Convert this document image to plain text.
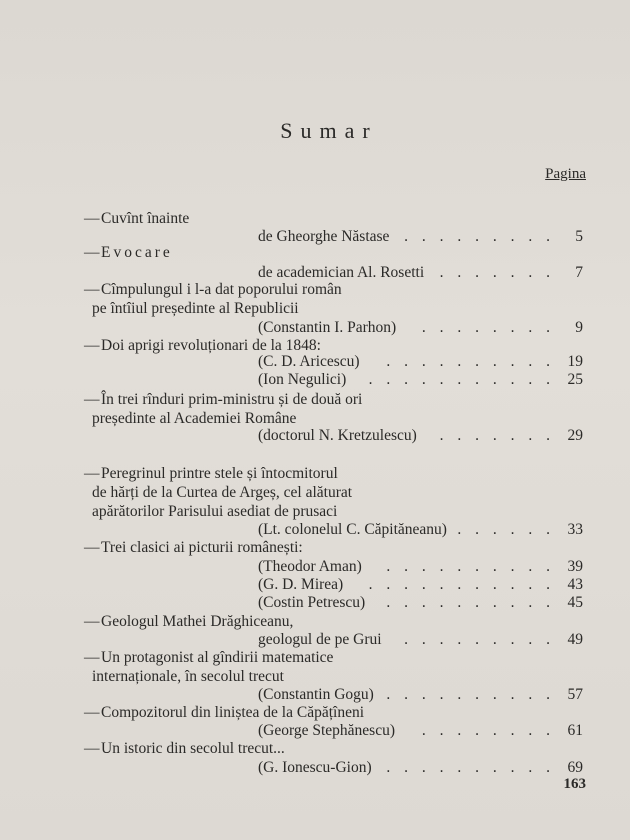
Sumar
Pagina
— Cuvînt înainte
de Gheorghe Năstase . . . . . . . . . 5
— Evocare
de academician Al. Rosetti . . . . . . . 7
— Cîmpulungul i l-a dat poporului român
pe întîiul președinte al Republicii
(Constantin I. Parhon) . . . . . . . . 9
— Doi aprigi revoluționari de la 1848:
(C. D. Aricescu) . . . . . . . . . . 19
(Ion Negulici) . . . . . . . . . . . 25
— În trei rînduri prim-ministru și de două ori
președinte al Academiei Române
(doctorul N. Kretzulescu) . . . . . . . 29
— Peregrinul printre stele și întocmitorul
de hărți de la Curtea de Argeș, cel alăturat
apărătorilor Parisului asediat de prusaci
(Lt. colonelul C. Căpităneanu) . . . . . . 33
— Trei clasici ai picturii românești:
(Theodor Aman) . . . . . . . . . . 39
(G. D. Mirea) . . . . . . . . . . . 43
(Costin Petrescu) . . . . . . . . . . 45
— Geologul Mathei Drăghiceanu,
geologul de pe Grui . . . . . . . . . 49
— Un protagonist al gîndirii matematice
internaționale, în secolul trecut
(Constantin Gogu) . . . . . . . . . . 57
— Compozitorul din liniștea de la Căpățîneni
(George Stephănescu) . . . . . . . . 61
— Un istoric din secolul trecut...
(G. Ionescu-Gion) . . . . . . . . . . 69
163
